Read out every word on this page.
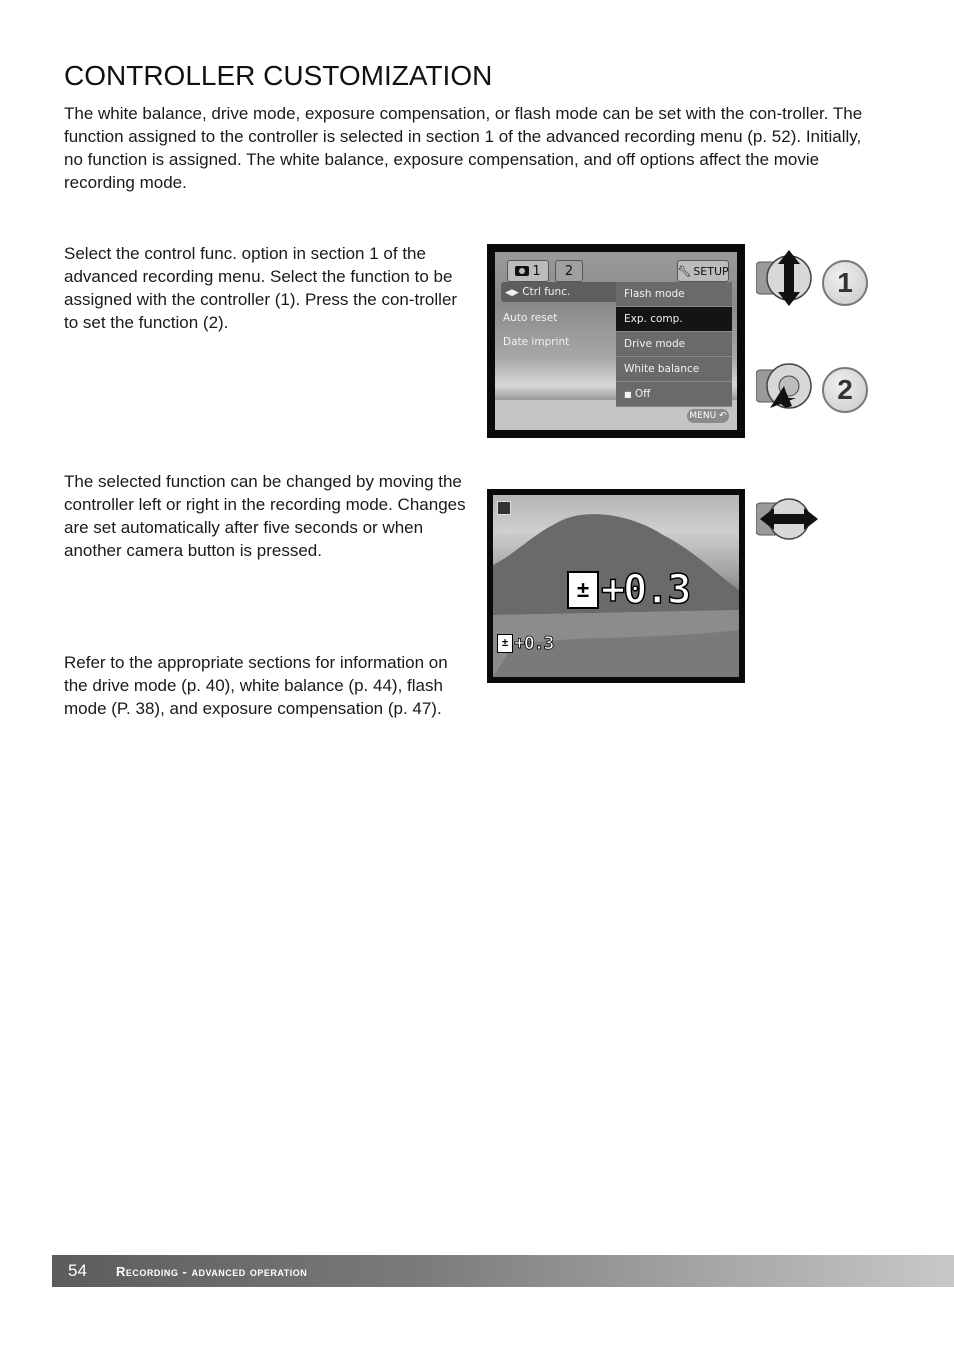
CONTROLLER CUSTOMIZATION

The white balance, drive mode, exposure compensation, or flash mode can be set with the con-troller. The function assigned to the controller is selected in section 1 of the advanced recording menu (p. 52). Initially, no function is assigned. The white balance, exposure compensation, and off options affect the movie recording mode.

Select the control func. option in section 1 of the advanced recording menu. Select the function to be assigned with the controller (1). Press the con-troller to set the function (2).

The selected function can be changed by moving the controller left or right in the recording mode. Changes are set automatically after five seconds or when another camera button is pressed.

Refer to the appropriate sections for information on the drive mode (p. 40), white balance (p. 44), flash mode (P. 38), and exposure compensation (p. 47).

1 2	🔧︎ SETUP
◀▶ Ctrl func.
Auto reset
Date imprint
Flash mode
Exp. comp.
Drive mode
White balance
■ Off
MENU ↶
1
2
± +0.3
± +0.3
54	Recording - advanced operation
